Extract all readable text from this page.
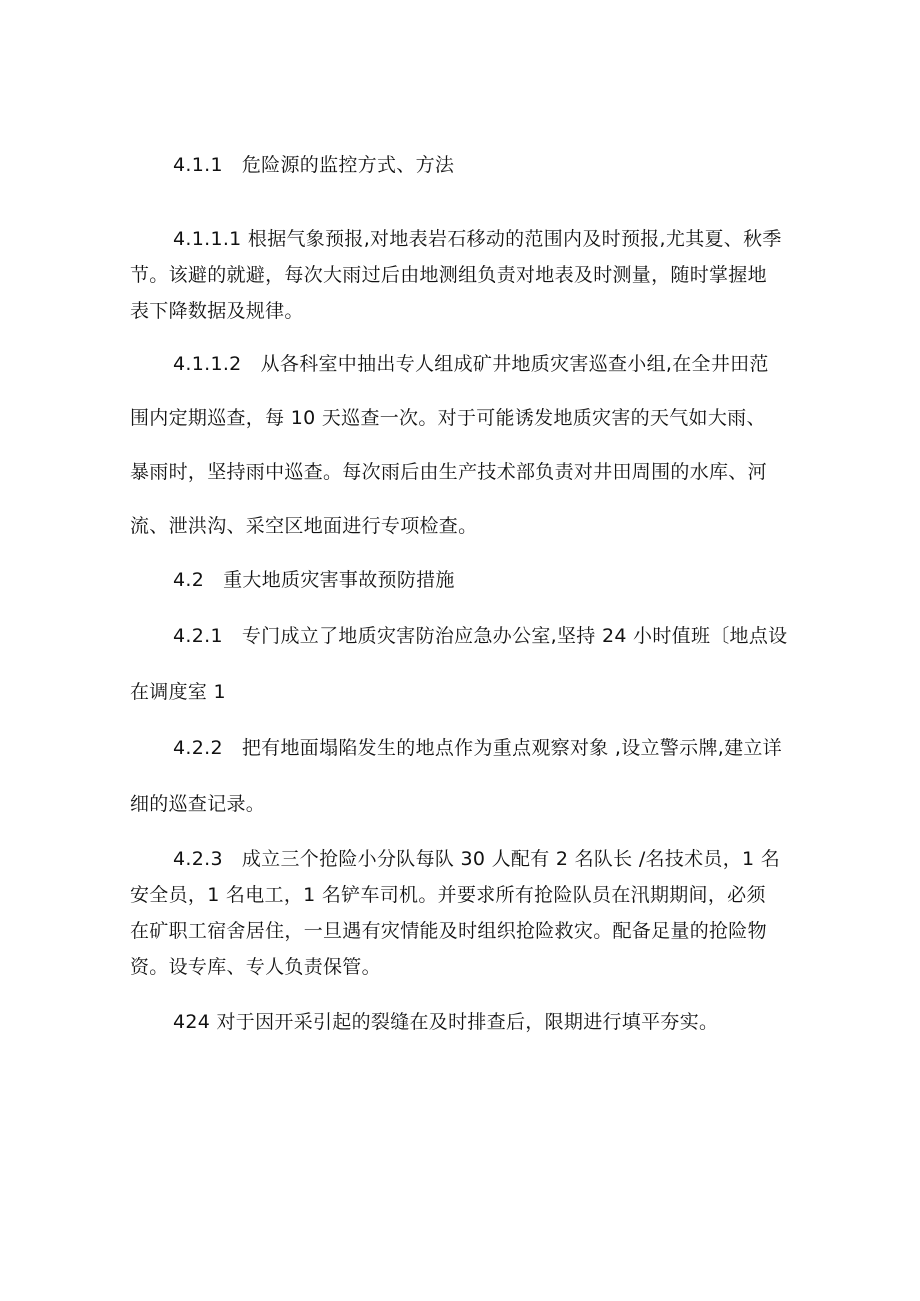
4.1.1   危险源的监控方式、方法
4.1.1.1 根据气象预报,对地表岩石移动的范围内及时预报,尤其夏、秋季
节。该避的就避，每次大雨过后由地测组负责对地表及时测量，随时掌握地
表下降数据及规律。
4.1.1.2   从各科室中抽出专人组成矿井地质灾害巡查小组,在全井田范
围内定期巡查，每 10 天巡查一次。对于可能诱发地质灾害的天气如大雨、
暴雨时，坚持雨中巡查。每次雨后由生产技术部负责对井田周围的水库、河
流、泄洪沟、采空区地面进行专项检查。
4.2   重大地质灾害事故预防措施
4.2.1   专门成立了地质灾害防治应急办公室,坚持 24 小时值班〔地点设
在调度室 1
4.2.2   把有地面塌陷发生的地点作为重点观察对象 ,设立警示牌,建立详
细的巡查记录。
4.2.3   成立三个抢险小分队每队 30 人配有 2 名队长 /名技术员，1 名
安全员，1 名电工，1 名铲车司机。并要求所有抢险队员在汛期期间，必须
在矿职工宿舍居住，一旦遇有灾情能及时组织抢险救灾。配备足量的抢险物
资。设专库、专人负责保管。
424 对于因开采引起的裂缝在及时排查后，限期进行填平夯实。
